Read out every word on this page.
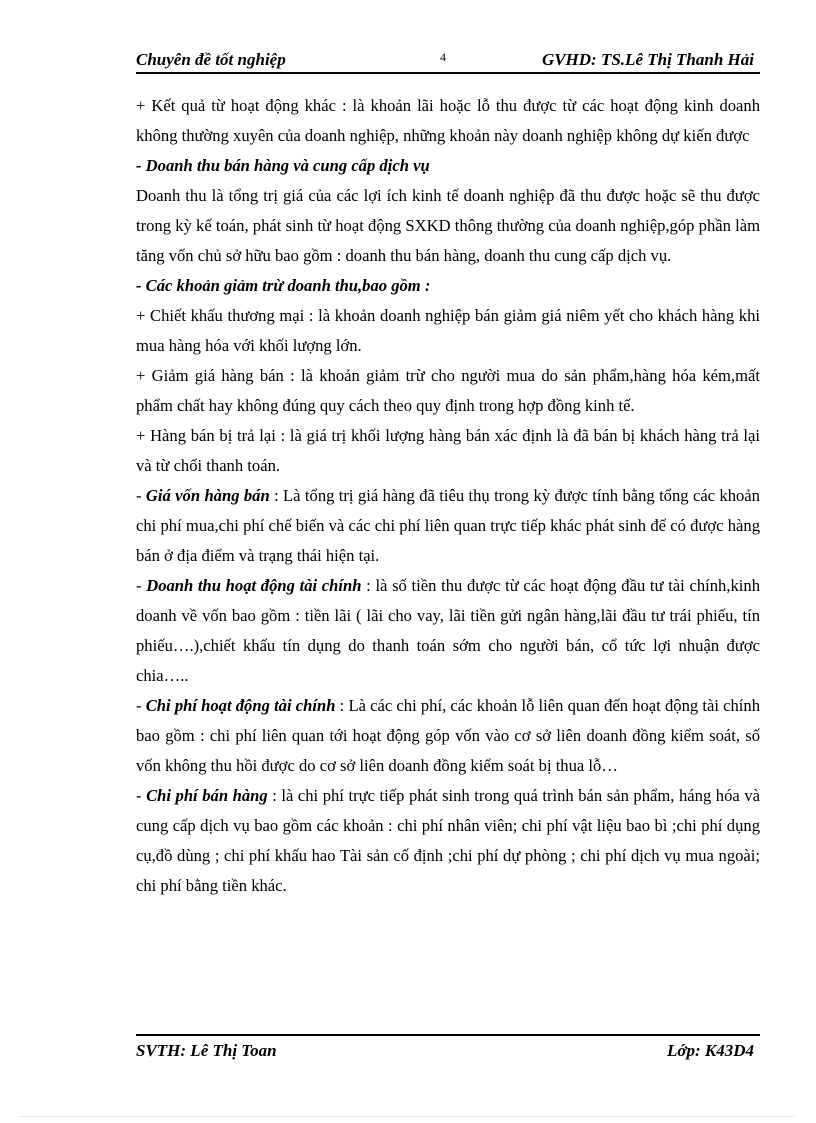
Chuyên đề tốt nghiệp	4	GVHD: TS.Lê Thị Thanh Hải

+ Kết quả từ hoạt động khác : là khoản lãi hoặc lỗ thu được từ các hoạt động kinh doanh không thường xuyên của doanh nghiệp, những khoản này doanh nghiệp không dự kiến được

- Doanh thu bán hàng và cung cấp dịch vụ

Doanh thu là tổng trị giá của các lợi ích kinh tế doanh nghiệp đã thu được hoặc sẽ thu được trong kỳ kế toán, phát sinh từ hoạt động SXKD thông thường của doanh nghiệp,góp phần làm tăng vốn chủ sở hữu bao gồm : doanh thu bán hàng, doanh thu cung cấp dịch vụ.

- Các khoản giảm trừ doanh thu,bao gồm :

+ Chiết khấu thương mại : là khoản doanh nghiệp bán giảm giá niêm yết cho khách hàng khi mua hàng hóa với khối lượng lớn.

+ Giảm giá hàng bán : là khoản giảm trừ cho người mua do sản phẩm,hàng hóa kém,mất phẩm chất hay không đúng quy cách theo quy định trong hợp đồng kinh tế.

+ Hàng bán bị trả lại : là giá trị khối lượng hàng bán xác định là đã bán bị khách hàng trả lại và từ chối thanh toán.

- Giá vốn hàng bán : Là tổng trị giá hàng đã tiêu thụ trong kỳ được tính bằng tổng các khoản chi phí mua,chi phí chế biến và các chi phí liên quan trực tiếp khác phát sinh để có được hàng bán ở địa điểm và trạng thái hiện tại.

- Doanh thu hoạt động tài chính : là số tiền thu được từ các hoạt động đầu tư tài chính,kinh doanh về vốn bao gồm : tiền lãi ( lãi cho vay, lãi tiền gửi ngân hàng,lãi đầu tư trái phiếu, tín phiếu….),chiết khấu tín dụng do thanh toán sớm cho người bán, cổ tức lợi nhuận được chia…..

- Chi phí hoạt động tài chính : Là các chi phí, các khoản lỗ liên quan đến hoạt động tài chính bao gồm : chi phí liên quan tới hoạt động góp vốn vào cơ sở liên doanh đồng kiểm soát, số vốn không thu hồi được do cơ sở liên doanh đồng kiểm soát bị thua lỗ…

- Chi phí bán hàng : là chi phí trực tiếp phát sinh trong quá trình bán sản phẩm, háng hóa và cung cấp dịch vụ bao gồm các khoản : chi phí nhân viên; chi phí vật liệu bao bì ;chi phí dụng cụ,đồ dùng ; chi phí khấu hao Tài sản cố định ;chi phí dự phòng ; chi phí dịch vụ mua ngoài; chi phí bằng tiền khác.

SVTH: Lê Thị Toan	Lớp: K43D4
